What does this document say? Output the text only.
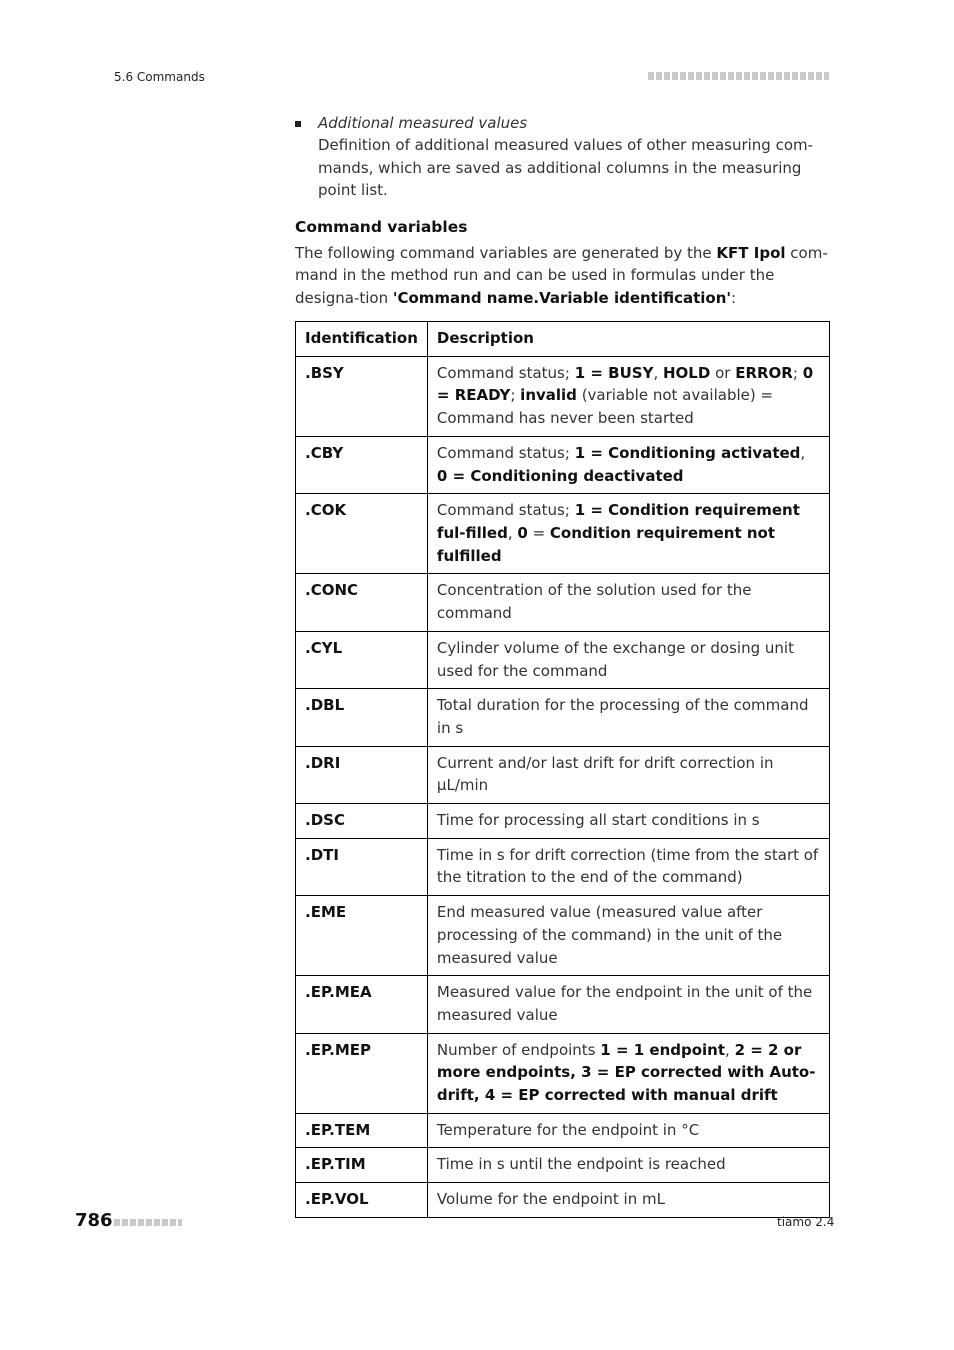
5.6 Commands
Additional measured values
Definition of additional measured values of other measuring com-mands, which are saved as additional columns in the measuring point list.
Command variables
The following command variables are generated by the KFT Ipol com-mand in the method run and can be used in formulas under the designa-tion 'Command name.Variable identification':
Identification	Description
.BSY	Command status; 1 = BUSY, HOLD or ERROR; 0 = READY; invalid (variable not available) = Command has never been started
.CBY	Command status; 1 = Conditioning activated, 0 = Conditioning deactivated
.COK	Command status; 1 = Condition requirement ful-filled, 0 = Condition requirement not fulfilled
.CONC	Concentration of the solution used for the command
.CYL	Cylinder volume of the exchange or dosing unit used for the command
.DBL	Total duration for the processing of the command in s
.DRI	Current and/or last drift for drift correction in µL/min
.DSC	Time for processing all start conditions in s
.DTI	Time in s for drift correction (time from the start of the titration to the end of the command)
.EME	End measured value (measured value after processing of the command) in the unit of the measured value
.EP.MEA	Measured value for the endpoint in the unit of the measured value
.EP.MEP	Number of endpoints 1 = 1 endpoint, 2 = 2 or more endpoints, 3 = EP corrected with Auto-drift, 4 = EP corrected with manual drift
.EP.TEM	Temperature for the endpoint in °C
.EP.TIM	Time in s until the endpoint is reached
.EP.VOL	Volume for the endpoint in mL
786	tiamo 2.4
